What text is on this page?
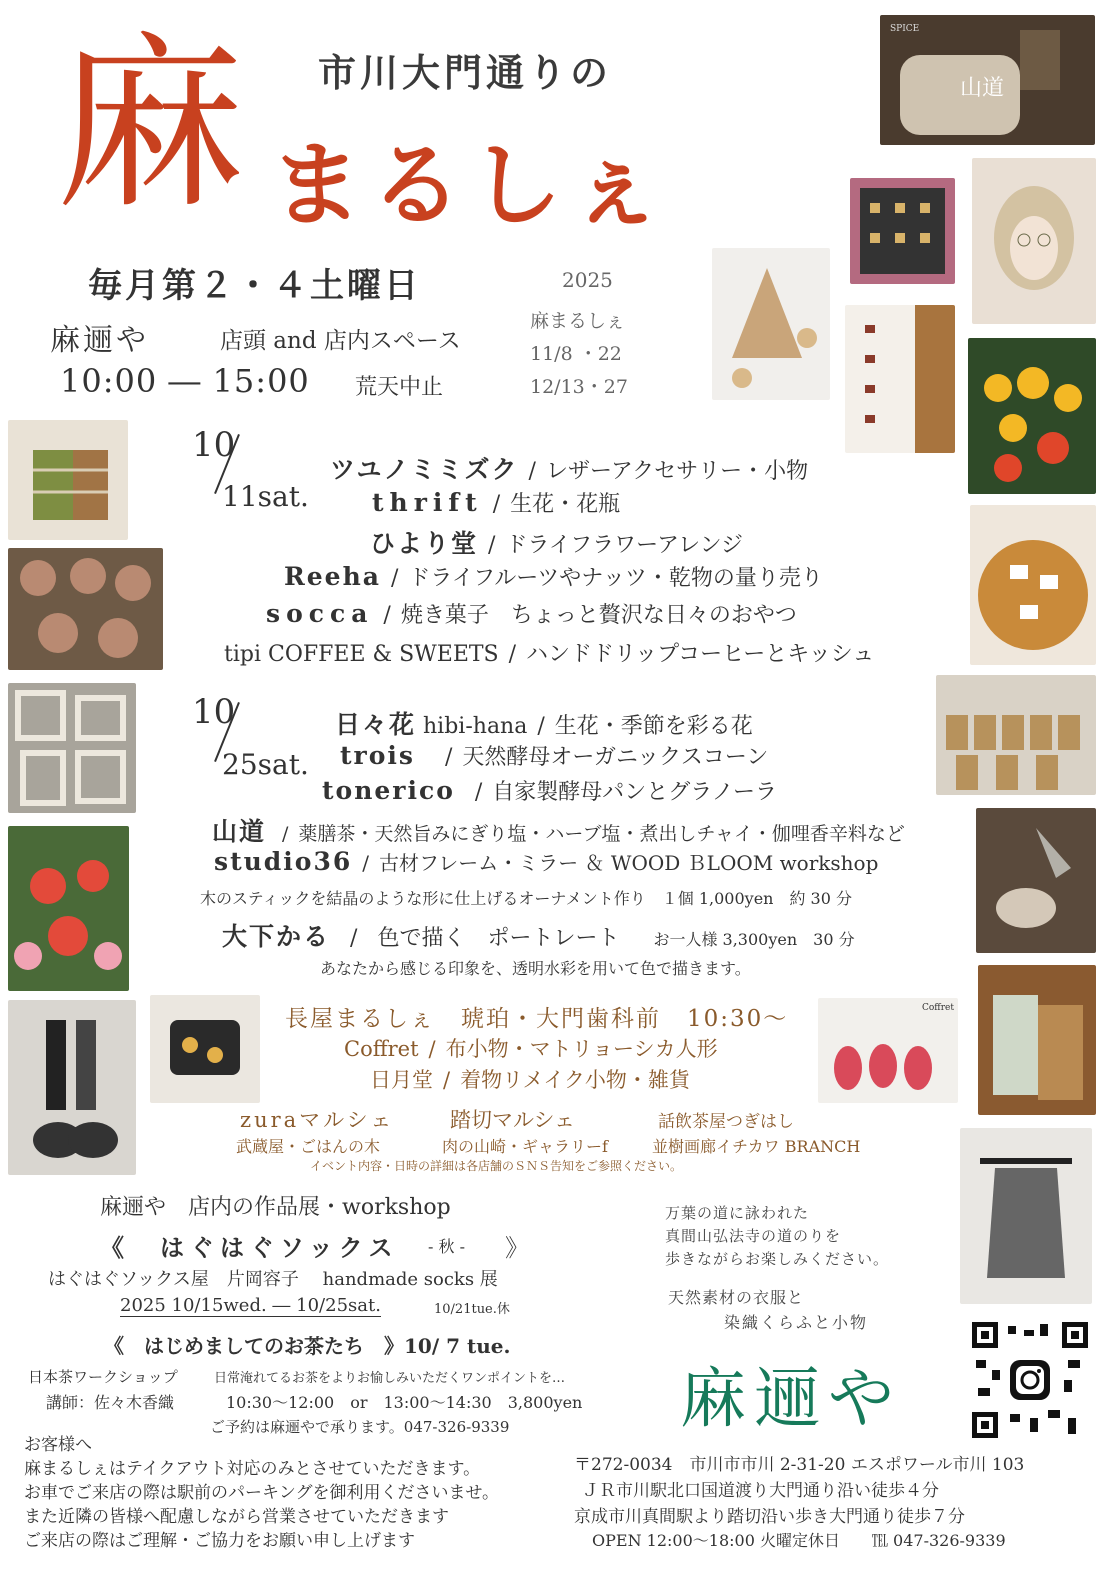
市川大門通りの
麻 まるしぇ
毎月第２・４土曜日
麻逦や	店頭 and 店内スペース
10:00 ― 15:00 荒天中止
2025
麻まるしぇ
11/8 ・22
12/13・27
SPICE
山道
Coffret
10
11sat.
ツユノミミズク / レザーアクセサリー・小物
thrift / 生花・花瓶
ひより堂 / ドライフラワーアレンジ
Reeha / ドライフルーツやナッツ・乾物の量り売り
socca / 焼き菓子　ちょっと贅沢な日々のおやつ
tipi COFFEE & SWEETS / ハンドドリップコーヒーとキッシュ
10
25sat.
日々花 hibi-hana / 生花・季節を彩る花
trois / 天然酵母オーガニックスコーン
tonerico / 自家製酵母パンとグラノーラ
山道 / 薬膳茶・天然旨みにぎり塩・ハーブ塩・煮出しチャイ・伽哩香辛料など
studio36 / 古材フレーム・ミラー ＆ WOOD ＢLOOM workshop
木のスティックを結晶のような形に仕上げるオーナメント作り　１個 1,000yen　約 30 分
大下かる / 色で描く　ポートレート お一人様 3,300yen　30 分
あなたから感じる印象を、透明水彩を用いて色で描きます。
長屋まるしぇ 琥珀・大門歯科前 10:30〜
Coffret / 布小物・マトリョーシカ人形
日月堂 / 着物リメイク小物・雑貨
zuraマルシェ	踏切マルシェ	話飲茶屋つぎはし
武蔵屋・ごはんの木	肉の山崎・ギャラリーf	並樹画廊イチカワ BRANCH
イベント内容・日時の詳細は各店舗のＳＮＳ告知をご参照ください。
麻逦や　店内の作品展・workshop
《　はぐはぐソックス - 秋 - 》
はぐはぐソックス屋　片岡容子　 handmade socks 展
2025 10/15wed. ― 10/25sat.	10/21tue.休
《　はじめましてのお茶たち　》10/ 7 tue.
日本茶ワークショップ	日常淹れてるお茶をよりお愉しみいただくワンポイントを…
講師：佐々木香織	10:30〜12:00　or　13:00〜14:30　3,800yen
ご予約は麻逦やで承ります。047-326-9339
万葉の道に詠われた
真間山弘法寺の道のりを
歩きながらお楽しみください。
天然素材の衣服と
染織くらふと小物
麻逦や
お客様へ
麻まるしぇはテイクアウト対応のみとさせていただきます。
お車でご来店の際は駅前のパーキングを御利用くださいませ。
また近隣の皆様へ配慮しながら営業させていただきます
ご来店の際はご理解・ご協力をお願い申し上げます
〒272-0034　市川市市川 2-31-20 エスポワール市川 103
ＪＲ市川駅北口国道渡り大門通り沿い徒歩４分
京成市川真間駅より踏切沿い歩き大門通り徒歩７分
OPEN 12:00〜18:00 火曜定休日　　℡ 047-326-9339
